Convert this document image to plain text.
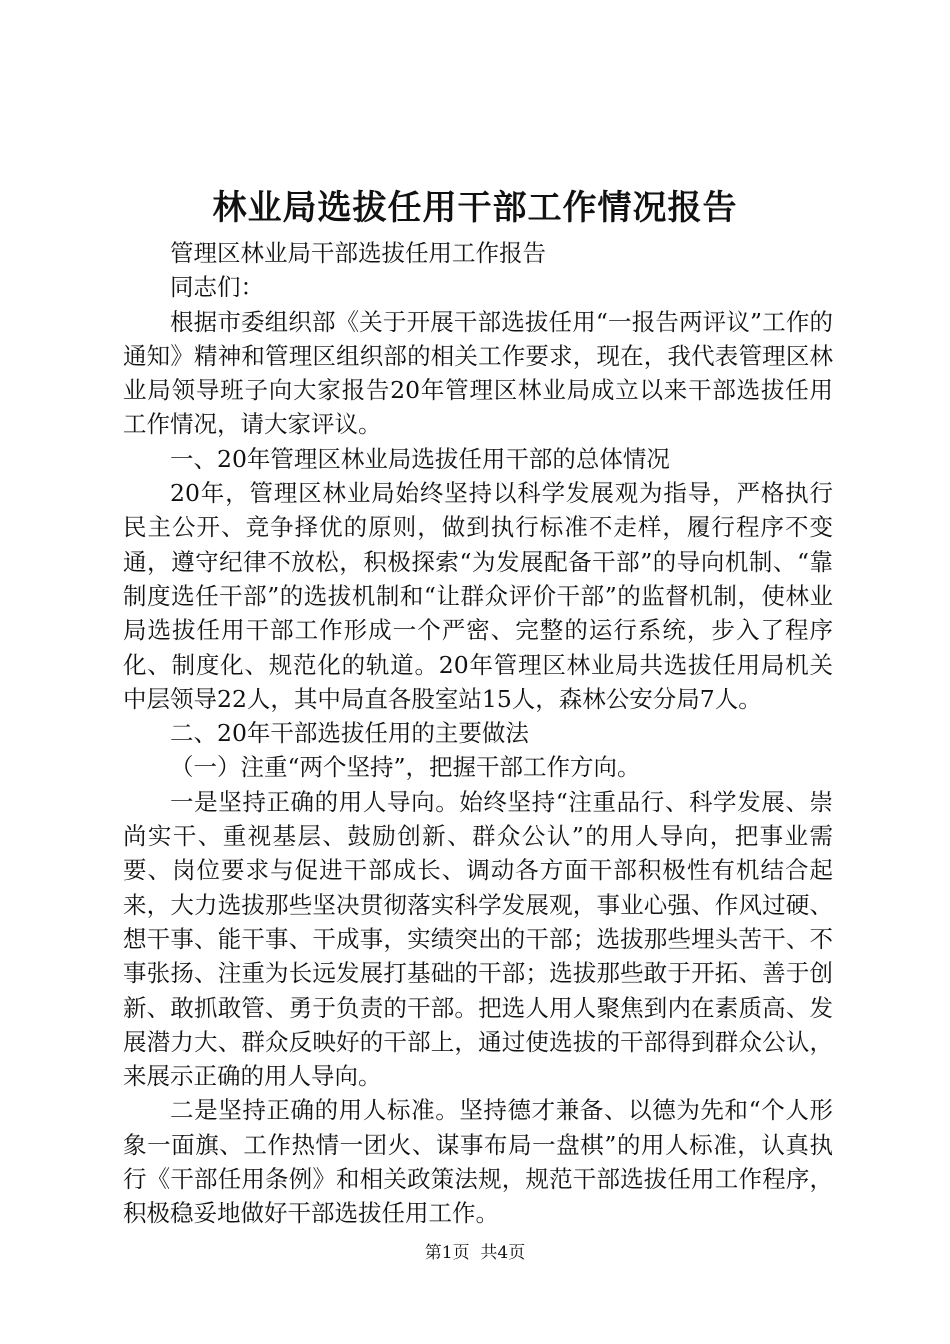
林业局选拔任用干部工作情况报告

管理区林业局干部选拔任用工作报告

同志们：

根据市委组织部《关于开展干部选拔任用“一报告两评议”工作的通知》精神和管理区组织部的相关工作要求，现在，我代表管理区林业局领导班子向大家报告20年管理区林业局成立以来干部选拔任用工作情况，请大家评议。

一、20年管理区林业局选拔任用干部的总体情况

20年，管理区林业局始终坚持以科学发展观为指导，严格执行民主公开、竞争择优的原则，做到执行标准不走样，履行程序不变通，遵守纪律不放松，积极探索“为发展配备干部”的导向机制、“靠制度选任干部”的选拔机制和“让群众评价干部”的监督机制，使林业局选拔任用干部工作形成一个严密、完整的运行系统，步入了程序化、制度化、规范化的轨道。20年管理区林业局共选拔任用局机关中层领导22人，其中局直各股室站15人，森林公安分局7人。

二、20年干部选拔任用的主要做法

（一）注重“两个坚持”，把握干部工作方向。

一是坚持正确的用人导向。始终坚持“注重品行、科学发展、崇尚实干、重视基层、鼓励创新、群众公认”的用人导向，把事业需要、岗位要求与促进干部成长、调动各方面干部积极性有机结合起来，大力选拔那些坚决贯彻落实科学发展观，事业心强、作风过硬、想干事、能干事、干成事，实绩突出的干部；选拔那些埋头苦干、不事张扬、注重为长远发展打基础的干部；选拔那些敢于开拓、善于创新、敢抓敢管、勇于负责的干部。把选人用人聚焦到内在素质高、发展潜力大、群众反映好的干部上，通过使选拔的干部得到群众公认，来展示正确的用人导向。

二是坚持正确的用人标准。坚持德才兼备、以德为先和“个人形象一面旗、工作热情一团火、谋事布局一盘棋”的用人标准，认真执行《干部任用条例》和相关政策法规，规范干部选拔任用工作程序，积极稳妥地做好干部选拔任用工作。

第1页 共4页
